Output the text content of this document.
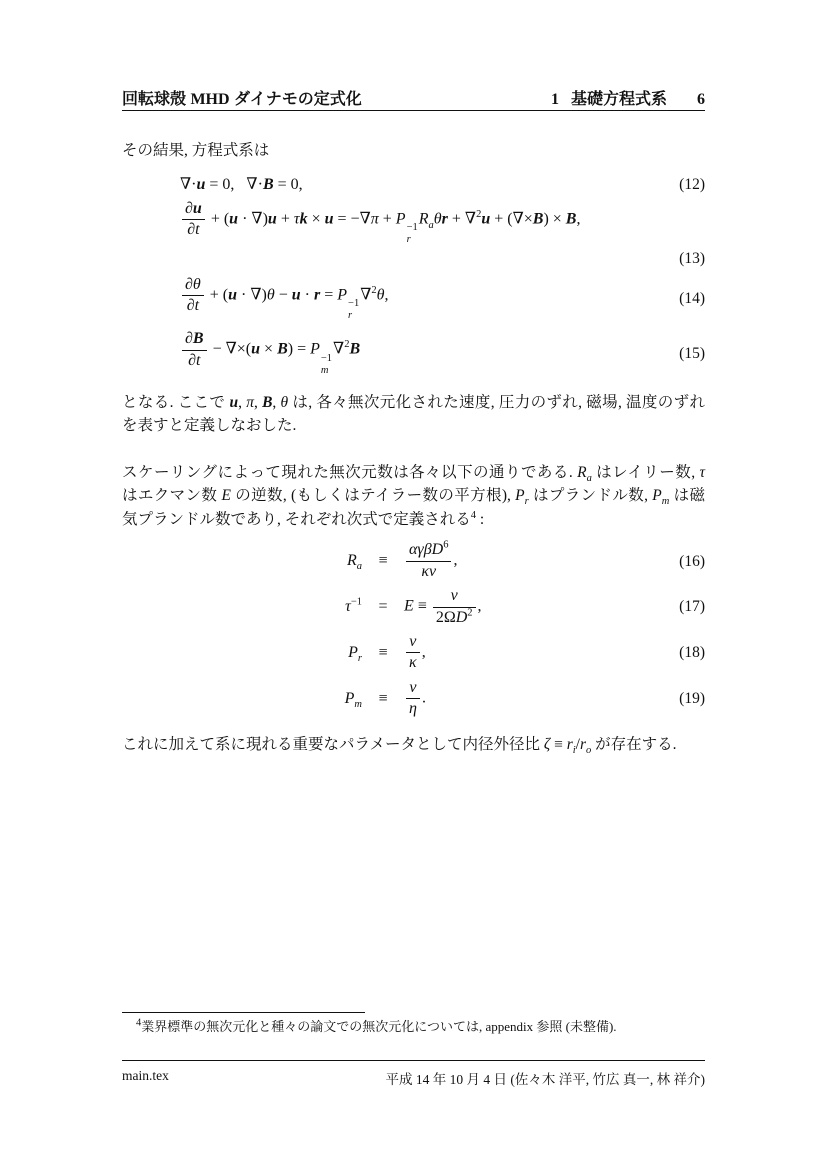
回転球殻 MHD ダイナモの定式化	1 基礎方程式系 6

その結果, 方程式系は

∇·u = 0,   ∇·B = 0,	(12)
$\frac{\partial u}{\partial t} + (u \cdot \nabla)u + \tau k \times u = -\nabla\pi + P$
−1
r
$R_a\theta r + \nabla^2u + (\nabla\times B) \times B$,
(13)
$\frac{\partial\theta}{\partial t} + (u \cdot \nabla)\theta - u \cdot r = P$
−1
r
∇$^2$θ,	(14)
$\frac{\partial B}{\partial t} - \nabla\times(u \times B) = P$
−1
m
∇$^2$B	(15)

となる. ここで u, π, B, θ は, 各々無次元化された速度, 圧力のずれ, 磁場, 温度のずれを表すと定義しなおした.

スケーリングによって現れた無次元数は各々以下の通りである. $R_a$ はレイリー数, τ はエクマン数 E の逆数, (もしくはテイラー数の平方根), $P_r$ はプランドル数, $P_m$ は磁気プランドル数であり, それぞれ次式で定義される$^4$ :

$R_a$	≡	$\frac{\alpha\gamma\beta D^6}{\kappa\nu}$ ,	(16)
$\tau^{-1}$	=	$E \equiv \frac{\nu}{2\Omega D^2}$ ,	(17)
$P_r$	≡	$\frac{\nu}{\kappa}$ ,	(18)
$P_m$	≡	$\frac{\nu}{\eta}$ .	(19)

これに加えて系に現れる重要なパラメータとして内径外径比 $\zeta \equiv r_i/r_o$ が存在する.

$^4$業界標準の無次元化と種々の論文での無次元化については, appendix 参照 (未整備).

main.tex	平成 14 年 10 月 4 日 (佐々木 洋平, 竹広 真一, 林 祥介)
